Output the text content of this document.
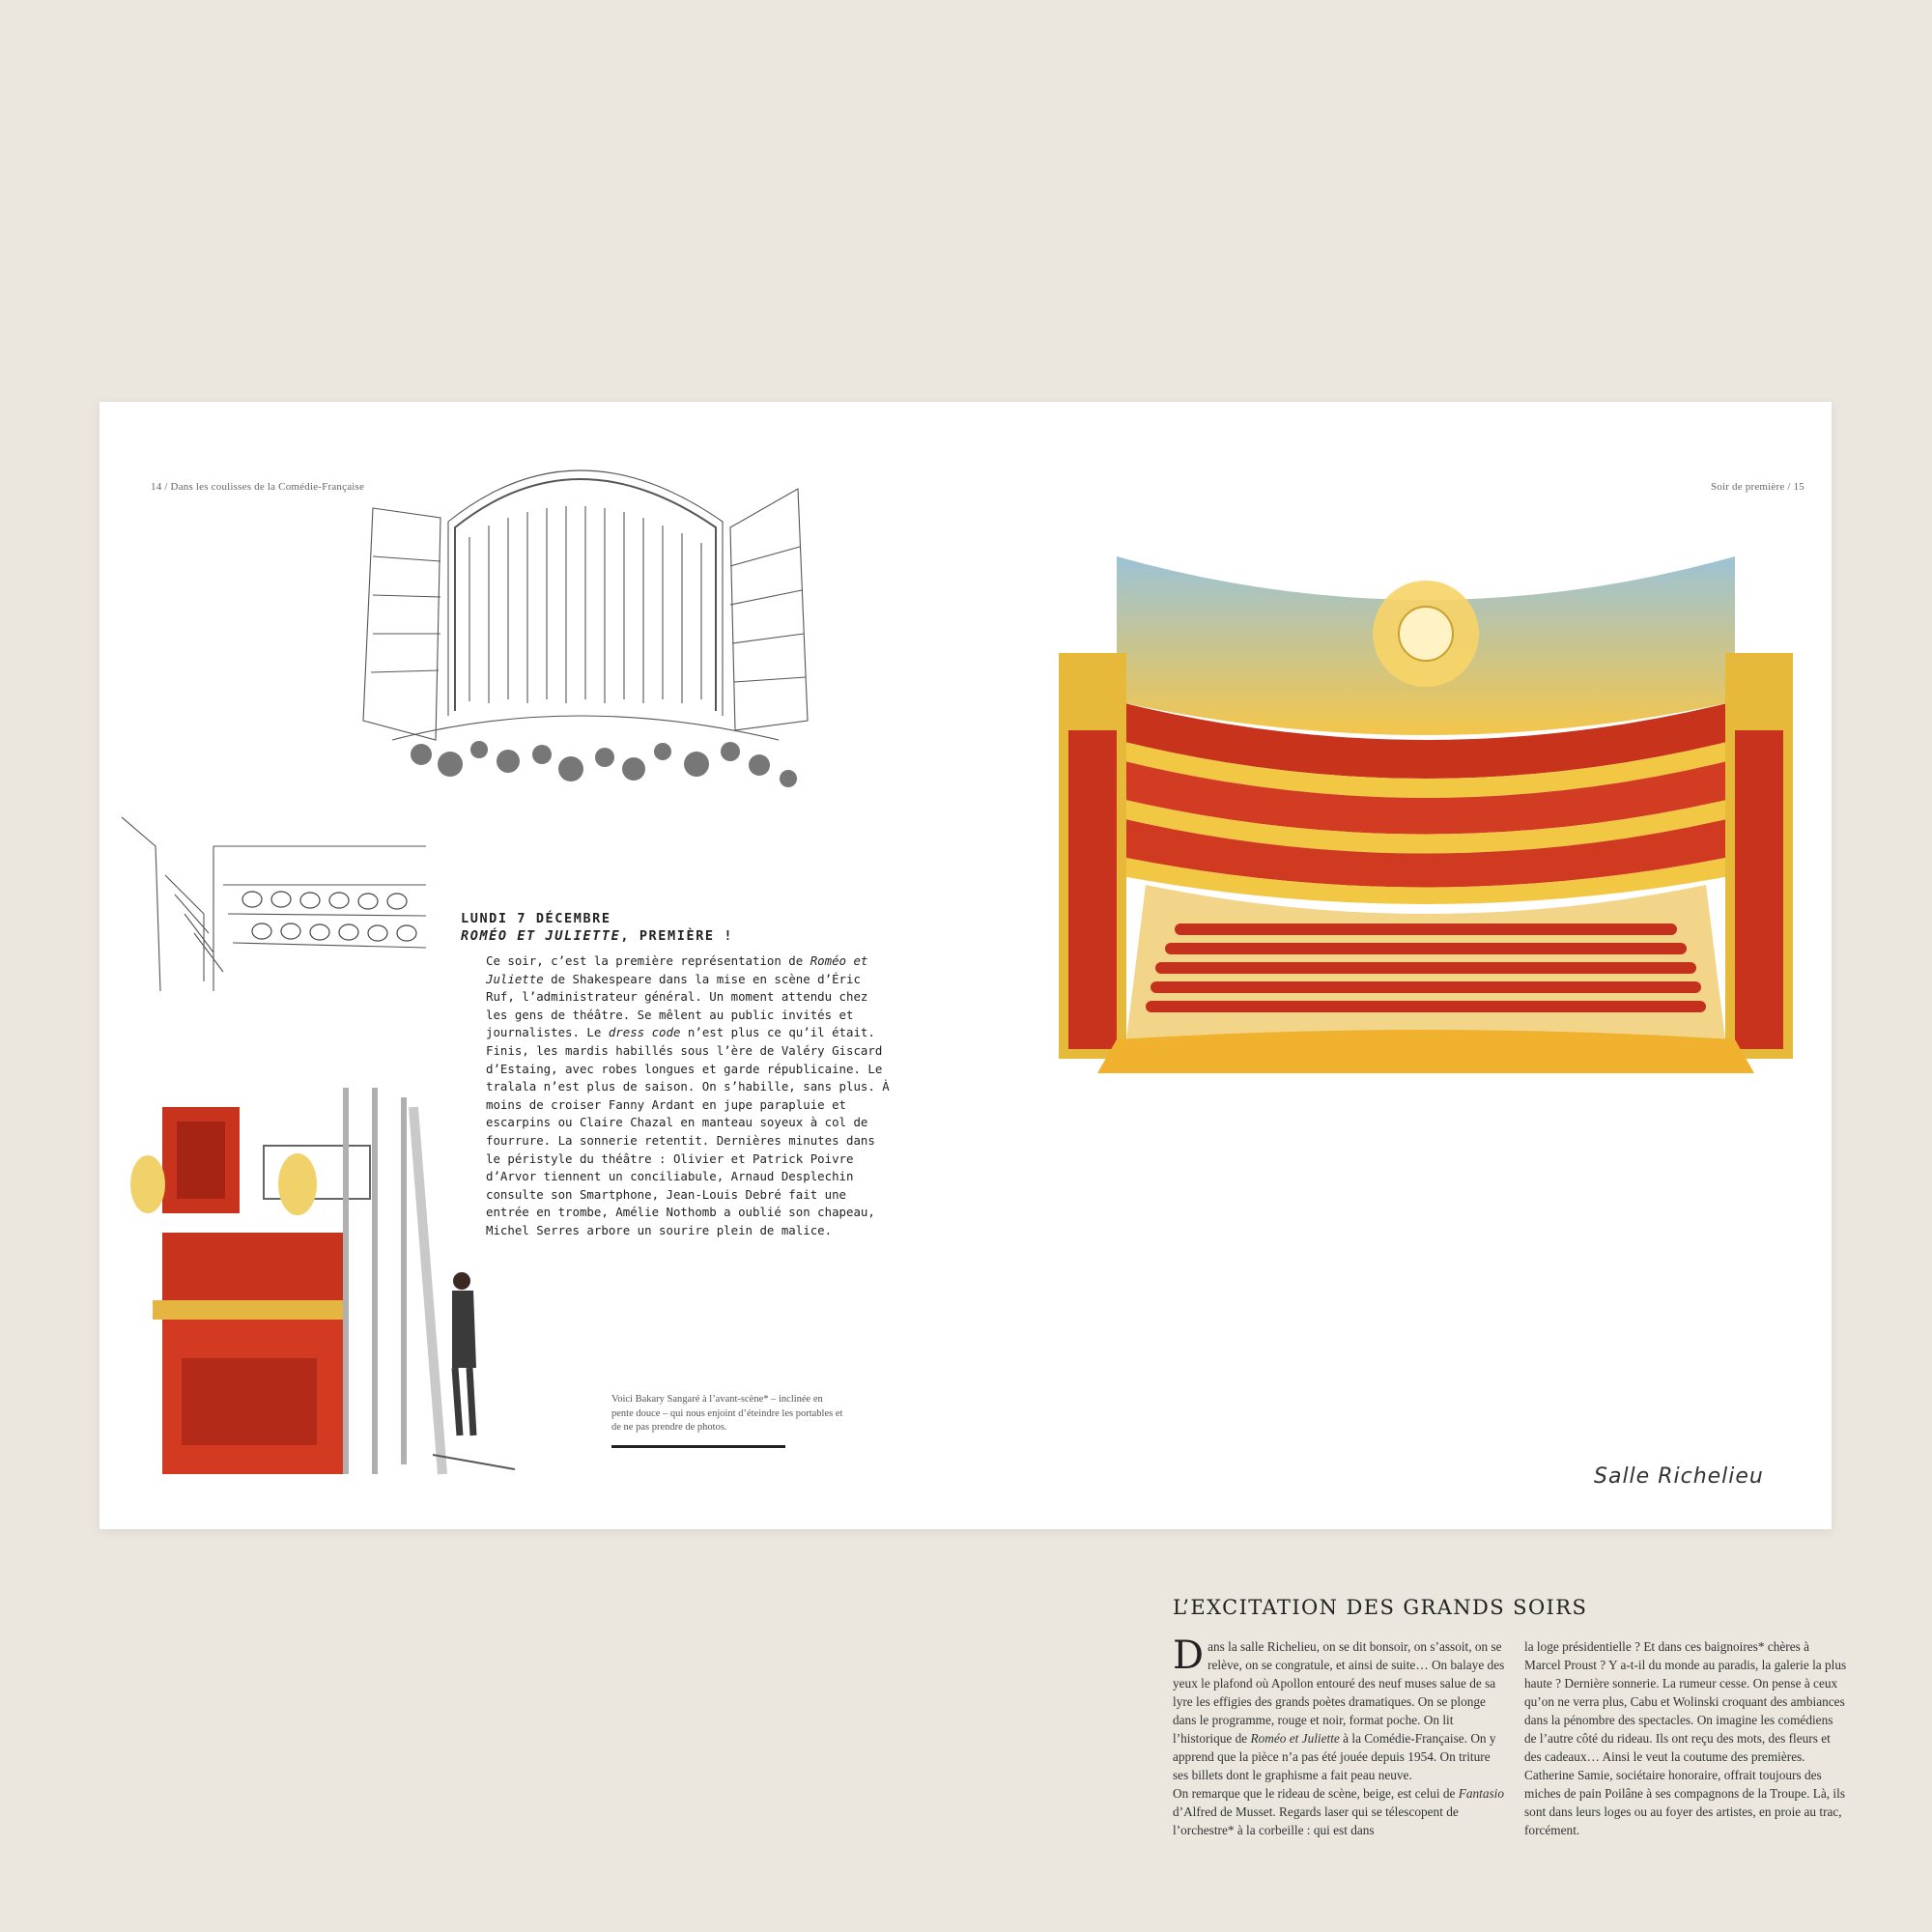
14 / Dans les coulisses de la Comédie-Française
LUNDI 7 DÉCEMBRE
ROMÉO ET JULIETTE, PREMIÈRE !

Ce soir, c’est la première représentation de Roméo et Juliette de Shakespeare dans la mise en scène d’Éric Ruf, l’administrateur général. Un moment attendu chez les gens de théâtre. Se mêlent au public invités et journalistes. Le dress code n’est plus ce qu’il était. Finis, les mardis habillés sous l’ère de Valéry Giscard d’Estaing, avec robes longues et garde républicaine. Le tralala n’est plus de saison. On s’habille, sans plus. À moins de croiser Fanny Ardant en jupe parapluie et escarpins ou Claire Chazal en manteau soyeux à col de fourrure. La sonnerie retentit. Dernières minutes dans le péristyle du théâtre : Olivier et Patrick Poivre d’Arvor tiennent un conciliabule, Arnaud Desplechin consulte son Smartphone, Jean-Louis Debré fait une entrée en trombe, Amélie Nothomb a oublié son chapeau, Michel Serres arbore un sourire plein de malice.

Voici Bakary Sangaré à l’avant-scène* – inclinée en pente douce – qui nous enjoint d’éteindre les portables et de ne pas prendre de photos.
Soir de première / 15
Salle Richelieu
L’EXCITATION DES GRANDS SOIRS

Dans la salle Richelieu, on se dit bonsoir, on s’assoit, on se relève, on se congratule, et ainsi de suite… On balaye des yeux le plafond où Apollon entouré des neuf muses salue de sa lyre les effigies des grands poètes dramatiques. On se plonge dans le programme, rouge et noir, format poche. On lit l’historique de Roméo et Juliette à la Comédie-Française. On y apprend que la pièce n’a pas été jouée depuis 1954. On triture ses billets dont le graphisme a fait peau neuve.

On remarque que le rideau de scène, beige, est celui de Fantasio d’Alfred de Musset. Regards laser qui se télescopent de l’orchestre* à la corbeille : qui est dans

la loge présidentielle ? Et dans ces baignoires* chères à Marcel Proust ? Y a-t-il du monde au paradis, la galerie la plus haute ? Dernière sonnerie. La rumeur cesse. On pense à ceux qu’on ne verra plus, Cabu et Wolinski croquant des ambiances dans la pénombre des spectacles. On imagine les comédiens de l’autre côté du rideau. Ils ont reçu des mots, des fleurs et des cadeaux… Ainsi le veut la coutume des premières. Catherine Samie, sociétaire honoraire, offrait toujours des miches de pain Poilâne à ses compagnons de la Troupe. Là, ils sont dans leurs loges ou au foyer des artistes, en proie au trac, forcément.
